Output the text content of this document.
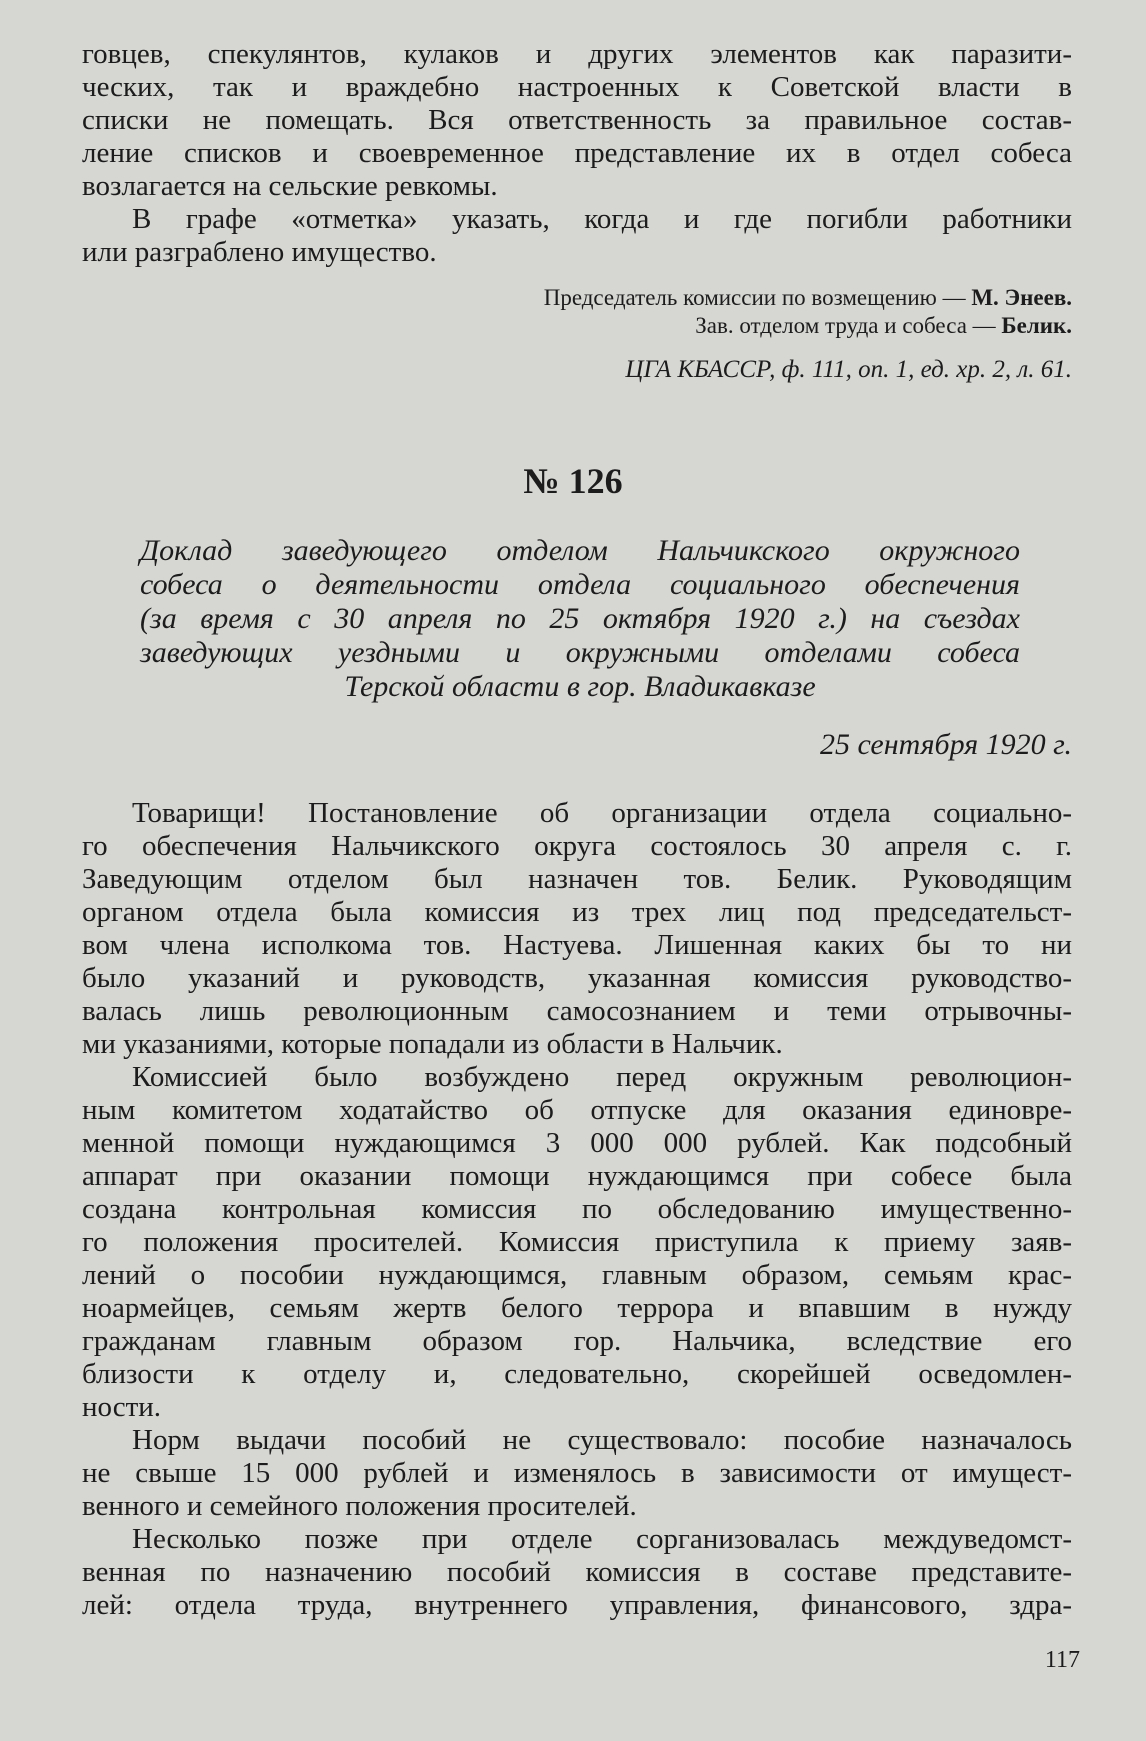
говцев, спекулянтов, кулаков и других элементов как паразити-
ческих, так и враждебно настроенных к Советской власти в
списки не помещать. Вся ответственность за правильное состав-
ление списков и своевременное представление их в отдел собеса
возлагается на сельские ревкомы.

В графе «отметка» указать, когда и где погибли работники
или разграблено имущество.

Председатель комиссии по возмещению — М. Энеев.
Зав. отделом труда и собеса — Белик.
ЦГА КБАССР, ф. 111, оп. 1, ед. хр. 2, л. 61.
№ 126
Доклад заведующего отделом Нальчикского окружного
собеса о деятельности отдела социального обеспечения
(за время с 30 апреля по 25 октября 1920 г.) на съездах
заведующих уездными и окружными отделами собеса
Терской области в гор. Владикавказе
25 сентября 1920 г.

Товарищи! Постановление об организации отдела социально-
го обеспечения Нальчикского округа состоялось 30 апреля с. г.
Заведующим отделом был назначен тов. Белик. Руководящим
органом отдела была комиссия из трех лиц под председательст-
вом члена исполкома тов. Настуева. Лишенная каких бы то ни
было указаний и руководств, указанная комиссия руководство-
валась лишь революционным самосознанием и теми отрывочны-
ми указаниями, которые попадали из области в Нальчик.

Комиссией было возбуждено перед окружным революцион-
ным комитетом ходатайство об отпуске для оказания единовре-
менной помощи нуждающимся 3 000 000 рублей. Как подсобный
аппарат при оказании помощи нуждающимся при собесе была
создана контрольная комиссия по обследованию имущественно-
го положения просителей. Комиссия приступила к приему заяв-
лений о пособии нуждающимся, главным образом, семьям крас-
ноармейцев, семьям жертв белого террора и впавшим в нужду
гражданам главным образом гор. Нальчика, вследствие его
близости к отделу и, следовательно, скорейшей осведомлен-
ности.

Норм выдачи пособий не существовало: пособие назначалось
не свыше 15 000 рублей и изменялось в зависимости от имущест-
венного и семейного положения просителей.

Несколько позже при отделе сорганизовалась междуведомст-
венная по назначению пособий комиссия в составе представите-
лей: отдела труда, внутреннего управления, финансового, здра-

117
